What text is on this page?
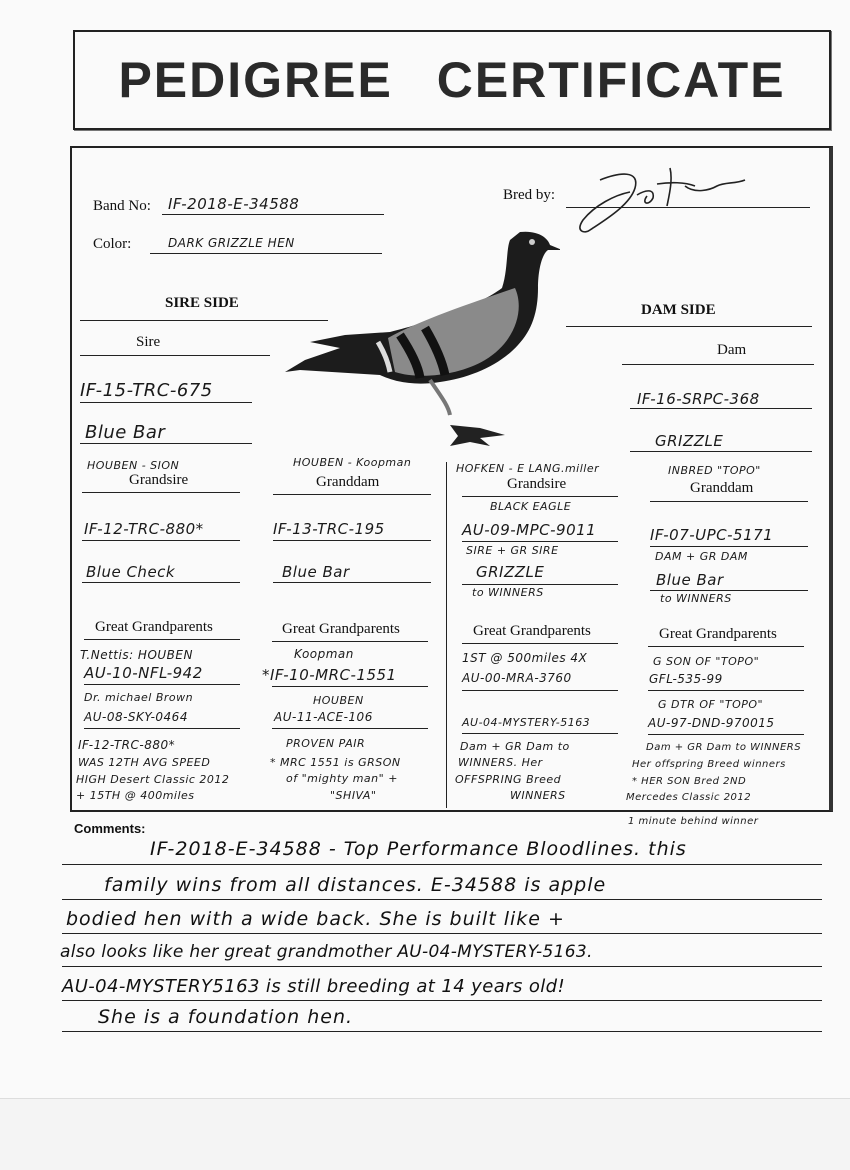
PEDIGREE CERTIFICATE
Band No: IF-2018-E-34588
Color:	DARK GRIZZLE HEN
Bred by:
SIRE SIDE
Sire
IF-15-TRC-675
Blue Bar
DAM SIDE
Dam
IF-16-SRPC-368
GRIZZLE
HOUBEN - SION
Grandsire
IF-12-TRC-880*
Blue Check
HOUBEN - Koopman
Granddam
IF-13-TRC-195
Blue Bar
HOFKEN - E LANG.miller
Grandsire
BLACK EAGLE
AU-09-MPC-9011
SIRE + GR SIRE
GRIZZLE
to WINNERS
INBRED "TOPO"
Granddam
IF-07-UPC-5171
DAM + GR DAM
Blue Bar
to WINNERS
Great Grandparents	Great Grandparents	Great Grandparents	Great Grandparents
T.Nettis: HOUBEN
AU-10-NFL-942
Dr. michael Brown
AU-08-SKY-0464
IF-12-TRC-880*
WAS 12TH AVG SPEED
HIGH Desert Classic 2012
+ 15TH @ 400miles
Koopman
*IF-10-MRC-1551
HOUBEN
AU-11-ACE-106
PROVEN PAIR
* MRC 1551 is GRSON
of "mighty man" +
"SHIVA"
1ST @ 500miles 4X
AU-00-MRA-3760
AU-04-MYSTERY-5163
Dam + GR Dam to
WINNERS. Her
OFFSPRING Breed
WINNERS
G SON OF "TOPO"
GFL-535-99
G DTR OF "TOPO"
AU-97-DND-970015
Dam + GR Dam to WINNERS
Her offspring Breed winners
* HER SON Bred 2ND
Mercedes Classic 2012
1 minute behind winner
Comments:
IF-2018-E-34588 - Top Performance Bloodlines. this
family wins from all distances. E-34588 is apple
bodied hen with a wide back. She is built like +
also looks like her great grandmother AU-04-MYSTERY-5163.
AU-04-MYSTERY5163 is still breeding at 14 years old!
She is a foundation hen.
